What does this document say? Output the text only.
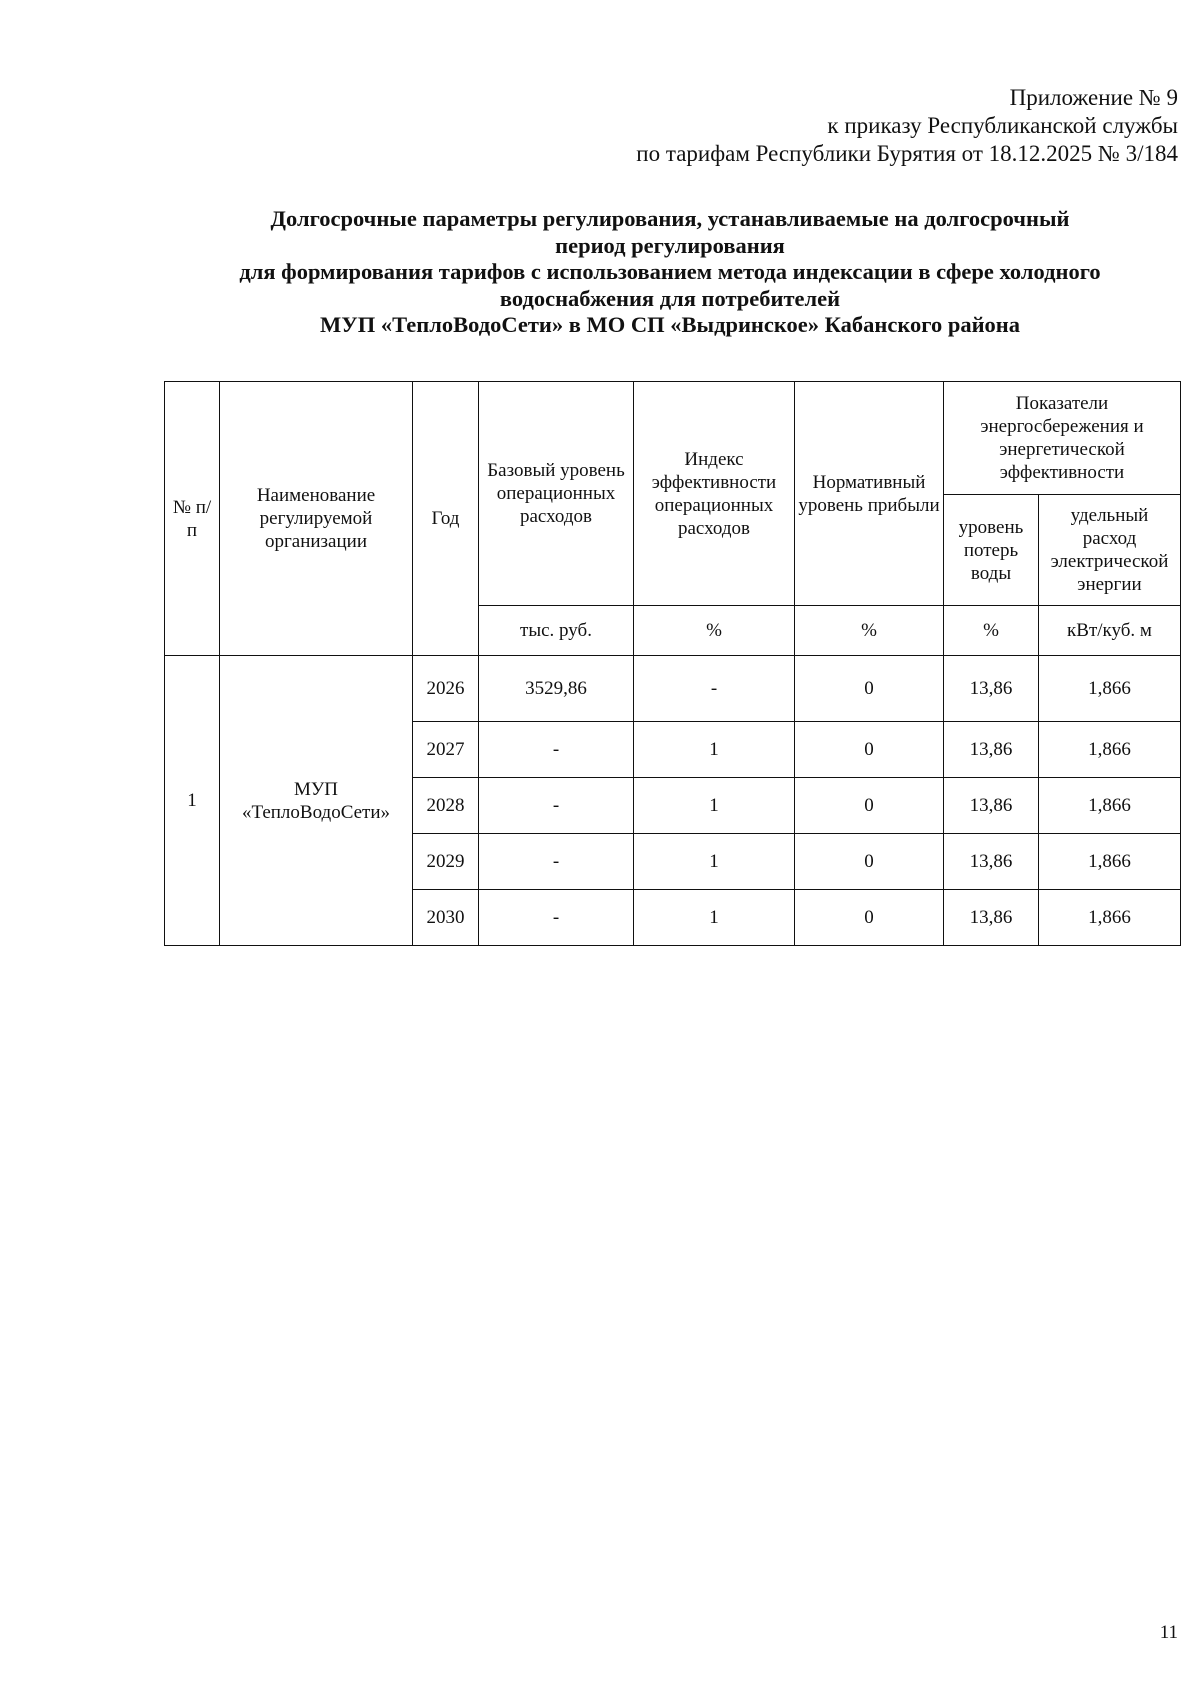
Приложение № 9
к приказу Республиканской службы
по тарифам Республики Бурятия от 18.12.2025 № 3/184
Долгосрочные параметры регулирования, устанавливаемые на долгосрочный
период регулирования
для формирования тарифов с использованием метода индексации в сфере холодного
водоснабжения для потребителей
МУП «ТеплоВодоСети» в МО СП «Выдринское» Кабанского района
№ п/п	Наименование регулируемой организации	Год	Базовый уровень операционных расходов	Индекс эффективности операционных расходов	Нормативный уровень прибыли	Показатели энергосбережения и энергетической эффективности	
						уровень потерь воды	удельный расход электрической энергии
			тыс. руб.	%	%	%	кВт/куб. м
1	МУП «ТеплоВодоСети»	2026	3529,86	-	0	13,86	1,866
		2027	-	1	0	13,86	1,866
		2028	-	1	0	13,86	1,866
		2029	-	1	0	13,86	1,866
		2030	-	1	0	13,86	1,866
11
